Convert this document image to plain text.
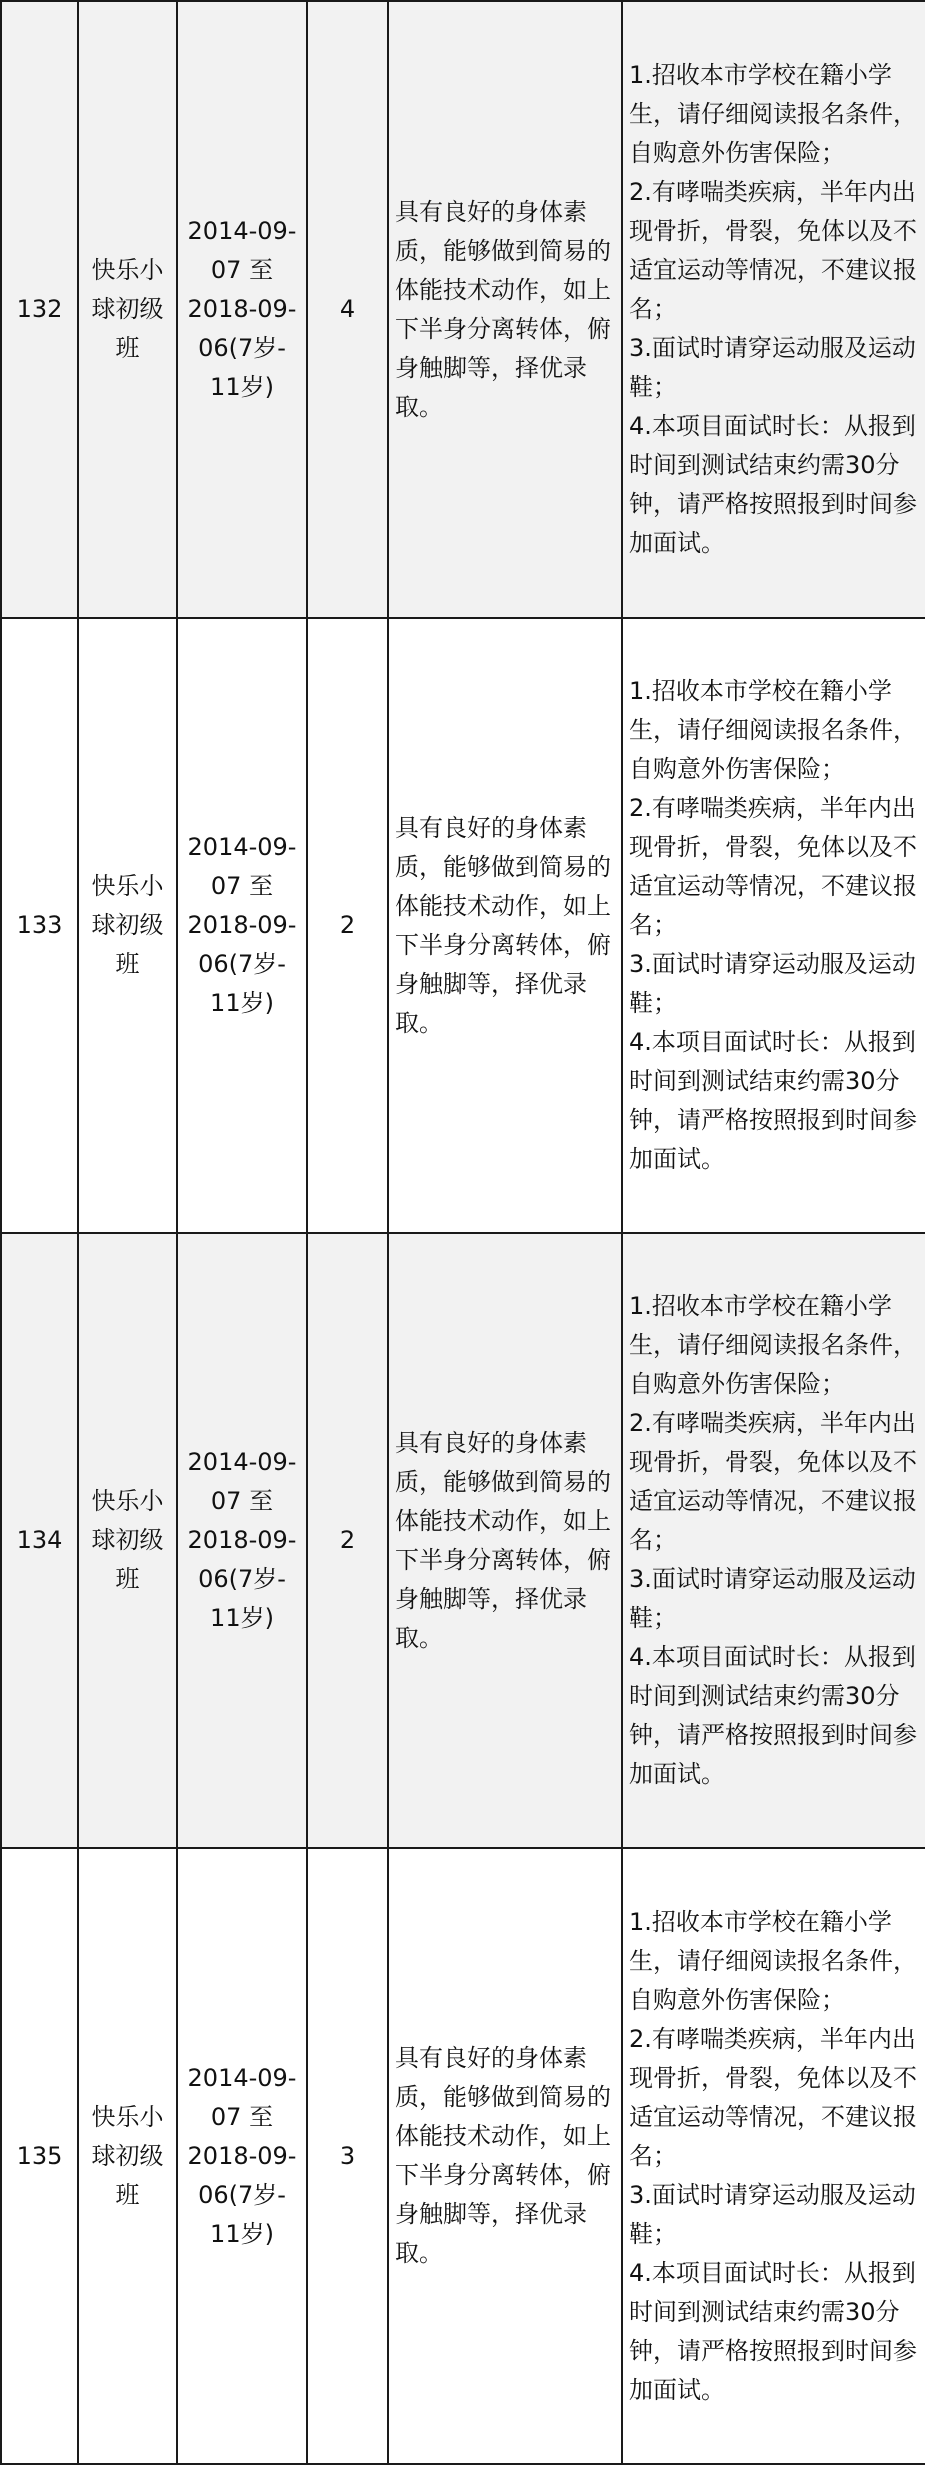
132	快乐小球初级班	2014-09-
07 至
2018-09-
06(7岁-
11岁)	4	具有良好的身体素质，能够做到简易的体能技术动作，如上下半身分离转体，俯身触脚等，择优录取。	1.招收本市学校在籍小学生，请仔细阅读报名条件，自购意外伤害保险；
2.有哮喘类疾病，半年内出现骨折，骨裂，免体以及不适宜运动等情况，不建议报名；
3.面试时请穿运动服及运动鞋；
4.本项目面试时长：从报到时间到测试结束约需30分钟，请严格按照报到时间参加面试。
133	快乐小球初级班	2014-09-
07 至
2018-09-
06(7岁-
11岁)	2	具有良好的身体素质，能够做到简易的体能技术动作，如上下半身分离转体，俯身触脚等，择优录取。	1.招收本市学校在籍小学生，请仔细阅读报名条件，自购意外伤害保险；
2.有哮喘类疾病，半年内出现骨折，骨裂，免体以及不适宜运动等情况，不建议报名；
3.面试时请穿运动服及运动鞋；
4.本项目面试时长：从报到时间到测试结束约需30分钟，请严格按照报到时间参加面试。
134	快乐小球初级班	2014-09-
07 至
2018-09-
06(7岁-
11岁)	2	具有良好的身体素质，能够做到简易的体能技术动作，如上下半身分离转体，俯身触脚等，择优录取。	1.招收本市学校在籍小学生，请仔细阅读报名条件，自购意外伤害保险；
2.有哮喘类疾病，半年内出现骨折，骨裂，免体以及不适宜运动等情况，不建议报名；
3.面试时请穿运动服及运动鞋；
4.本项目面试时长：从报到时间到测试结束约需30分钟，请严格按照报到时间参加面试。
135	快乐小球初级班	2014-09-
07 至
2018-09-
06(7岁-
11岁)	3	具有良好的身体素质，能够做到简易的体能技术动作，如上下半身分离转体，俯身触脚等，择优录取。	1.招收本市学校在籍小学生，请仔细阅读报名条件，自购意外伤害保险；
2.有哮喘类疾病，半年内出现骨折，骨裂，免体以及不适宜运动等情况，不建议报名；
3.面试时请穿运动服及运动鞋；
4.本项目面试时长：从报到时间到测试结束约需30分钟，请严格按照报到时间参加面试。
